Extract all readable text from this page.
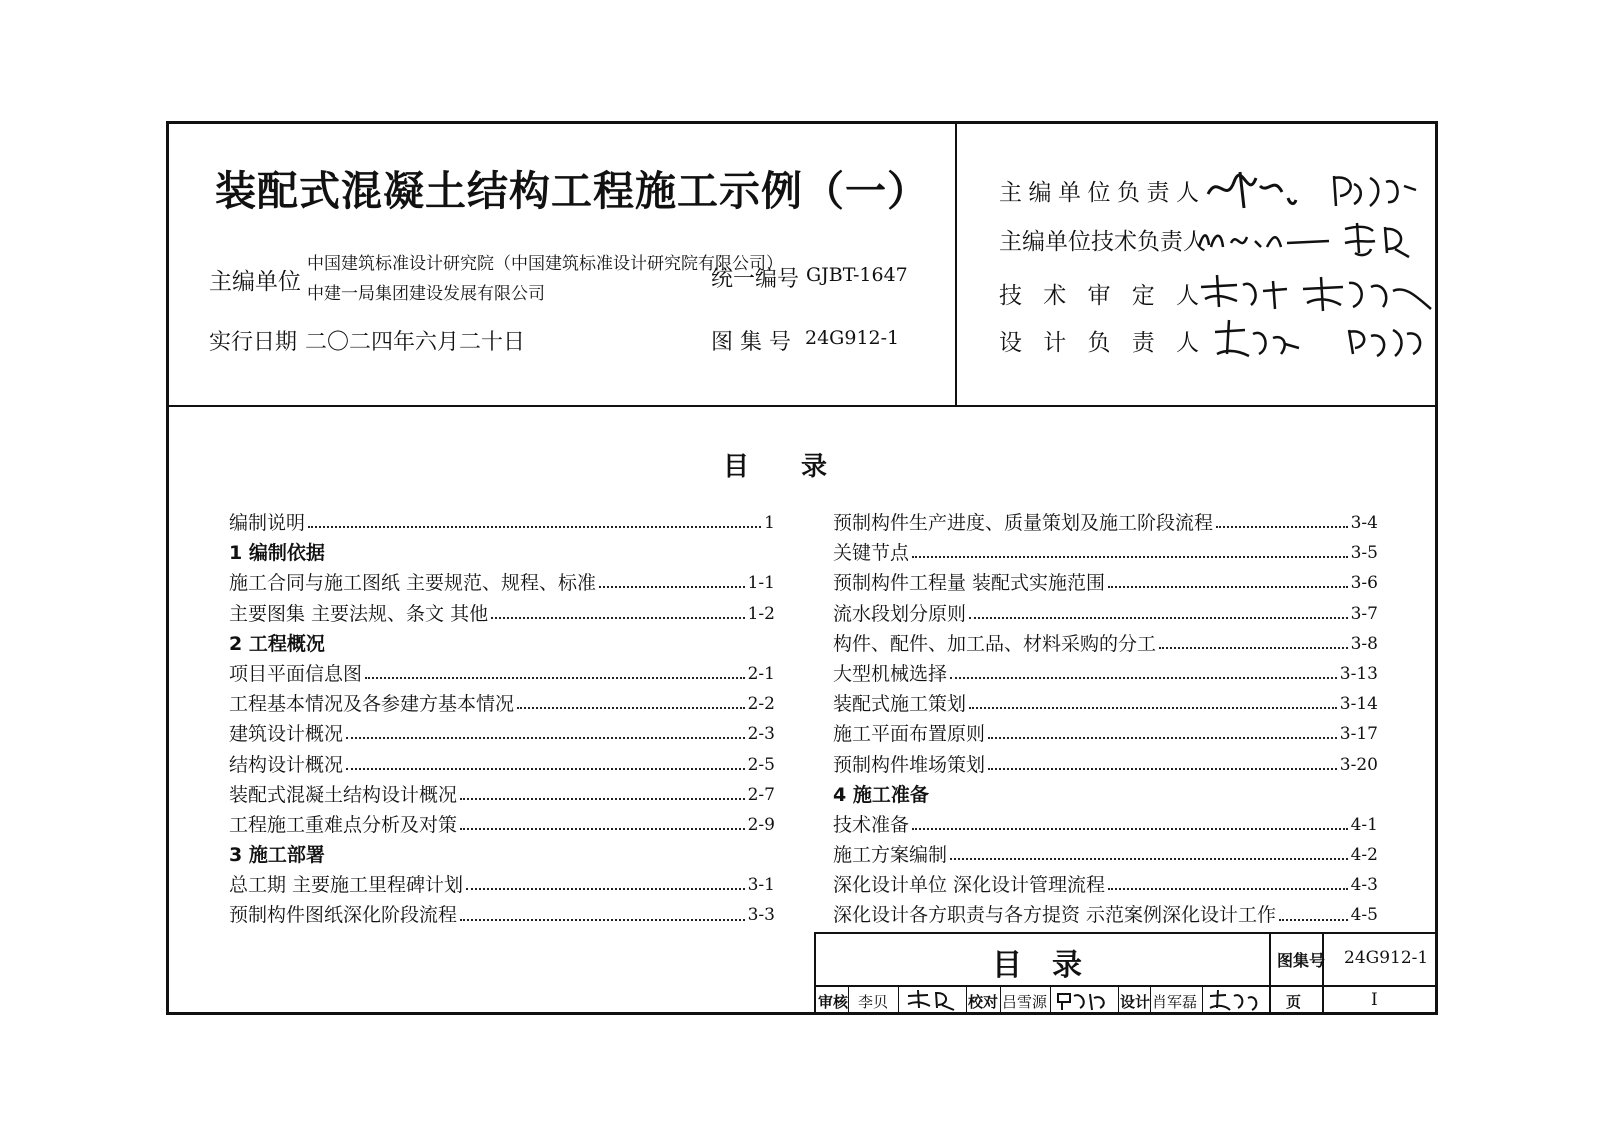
装配式混凝土结构工程施工示例（一）
主编单位
中国建筑标准设计研究院（中国建筑标准设计研究院有限公司）
中建一局集团建设发展有限公司
统一编号 GJBT-1647
实行日期 二〇二四年六月二十日	图 集 号 24G912-1
主编单位负责人
主编单位技术负责人
技术审定人
设计负责人
目　　录
编制说明	1
1 编制依据
施工合同与施工图纸 主要规范、规程、标准	1-1
主要图集 主要法规、条文 其他	1-2
2 工程概况
项目平面信息图	2-1
工程基本情况及各参建方基本情况	2-2
建筑设计概况	2-3
结构设计概况	2-5
装配式混凝土结构设计概况	2-7
工程施工重难点分析及对策	2-9
3 施工部署
总工期 主要施工里程碑计划	3-1
预制构件图纸深化阶段流程	3-3
预制构件生产进度、质量策划及施工阶段流程	3-4
关键节点	3-5
预制构件工程量 装配式实施范围	3-6
流水段划分原则	3-7
构件、配件、加工品、材料采购的分工	3-8
大型机械选择	3-13
装配式施工策划	3-14
施工平面布置原则	3-17
预制构件堆场策划	3-20
4 施工准备
技术准备	4-1
施工方案编制	4-2
深化设计单位 深化设计管理流程	4-3
深化设计各方职责与各方提资 示范案例深化设计工作	4-5
目　录	图集号 24G912-1
审核 李贝	校对 吕雪源	设计 肖军磊	页	I
